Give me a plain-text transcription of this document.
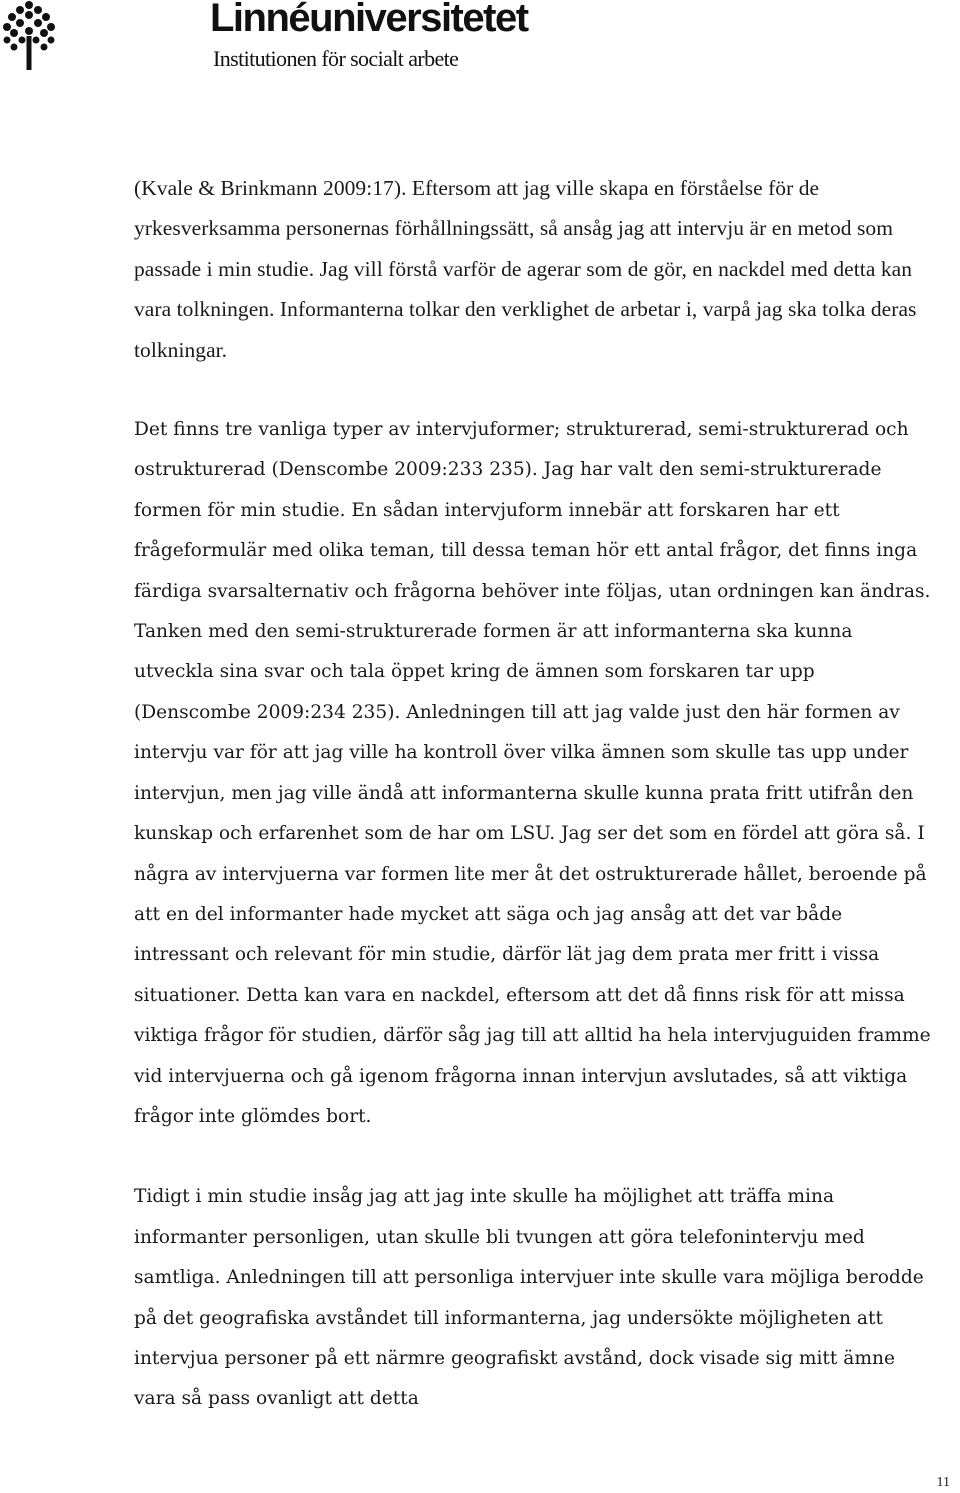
Linnéuniversitetet
Institutionen för socialt arbete

(Kvale & Brinkmann 2009:17). Eftersom att jag ville skapa en förståelse för de yrkesverksamma personernas förhållningssätt, så ansåg jag att intervju är en metod som passade i min studie. Jag vill förstå varför de agerar som de gör, en nackdel med detta kan vara tolkningen. Informanterna tolkar den verklighet de arbetar i, varpå jag ska tolka deras tolkningar.

Det finns tre vanliga typer av intervjuformer; strukturerad, semi-strukturerad och ostrukturerad (Denscombe 2009:233 235). Jag har valt den semi-strukturerade formen för min studie. En sådan intervjuform innebär att forskaren har ett frågeformulär med olika teman, till dessa teman hör ett antal frågor, det finns inga färdiga svarsalternativ och frågorna behöver inte följas, utan ordningen kan ändras. Tanken med den semi-strukturerade formen är att informanterna ska kunna utveckla sina svar och tala öppet kring de ämnen som forskaren tar upp (Denscombe 2009:234 235). Anledningen till att jag valde just den här formen av intervju var för att jag ville ha kontroll över vilka ämnen som skulle tas upp under intervjun, men jag ville ändå att informanterna skulle kunna prata fritt utifrån den kunskap och erfarenhet som de har om LSU. Jag ser det som en fördel att göra så. I några av intervjuerna var formen lite mer åt det ostrukturerade hållet, beroende på att en del informanter hade mycket att säga och jag ansåg att det var både intressant och relevant för min studie, därför lät jag dem prata mer fritt i vissa situationer. Detta kan vara en nackdel, eftersom att det då finns risk för att missa viktiga frågor för studien, därför såg jag till att alltid ha hela intervjuguiden framme vid intervjuerna och gå igenom frågorna innan intervjun avslutades, så att viktiga frågor inte glömdes bort.

Tidigt i min studie insåg jag att jag inte skulle ha möjlighet att träffa mina informanter personligen, utan skulle bli tvungen att göra telefonintervju med samtliga. Anledningen till att personliga intervjuer inte skulle vara möjliga berodde på det geografiska avståndet till informanterna, jag undersökte möjligheten att intervjua personer på ett närmre geografiskt avstånd, dock visade sig mitt ämne vara så pass ovanligt att detta

11
